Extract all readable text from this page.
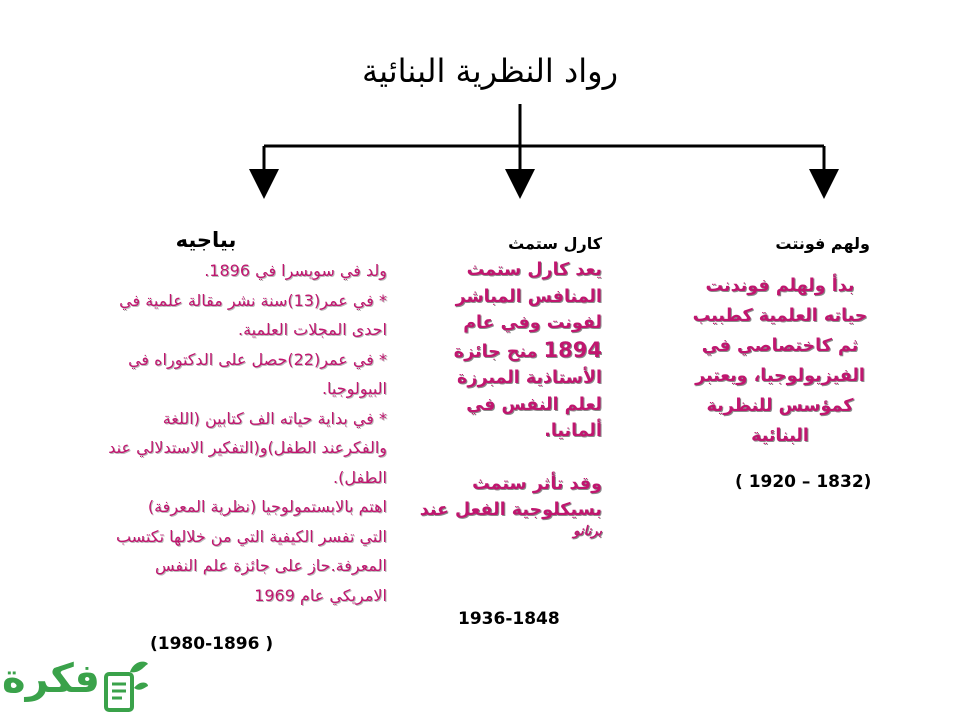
رواد النظرية البنائية
ولهم فونتت
بدأ ولهلم فوندنت
حياته العلمية كطبيب
ثم كاختصاصي في
الفيزيولوجيا، ويعتبر
كمؤسس للنظرية
البنائية
( 1920 – 1832)
كارل ستمث
يعد كارل ستمث
المنافس المباشر
لفونت وفي عام
1894 منح جائزة
الأستاذية المبرزة
لعلم النفس في
ألمانيا.
وقد تأثر ستمث
بسيكلوجية الفعل عند
برنانو
1936-1848
بياجيه
ولد في سويسرا في 1896.
* في عمر(13)سنة نشر مقالة علمية في
احدى المجلات العلمية.
* في عمر(22)حصل على الدكتوراه في
البيولوجيا.
* في بداية حياته الف كتابين (اللغة
والفكرعند الطفل)و(التفكير الاستدلالي عند
الطفل).
اهتم بالابستمولوجيا (نظرية المعرفة)
التي تفسر الكيفية التي من خلالها تكتسب
المعرفة.حاز على جائزة علم النفس
الامريكي عام 1969
(1980-1896 )
فكرة
